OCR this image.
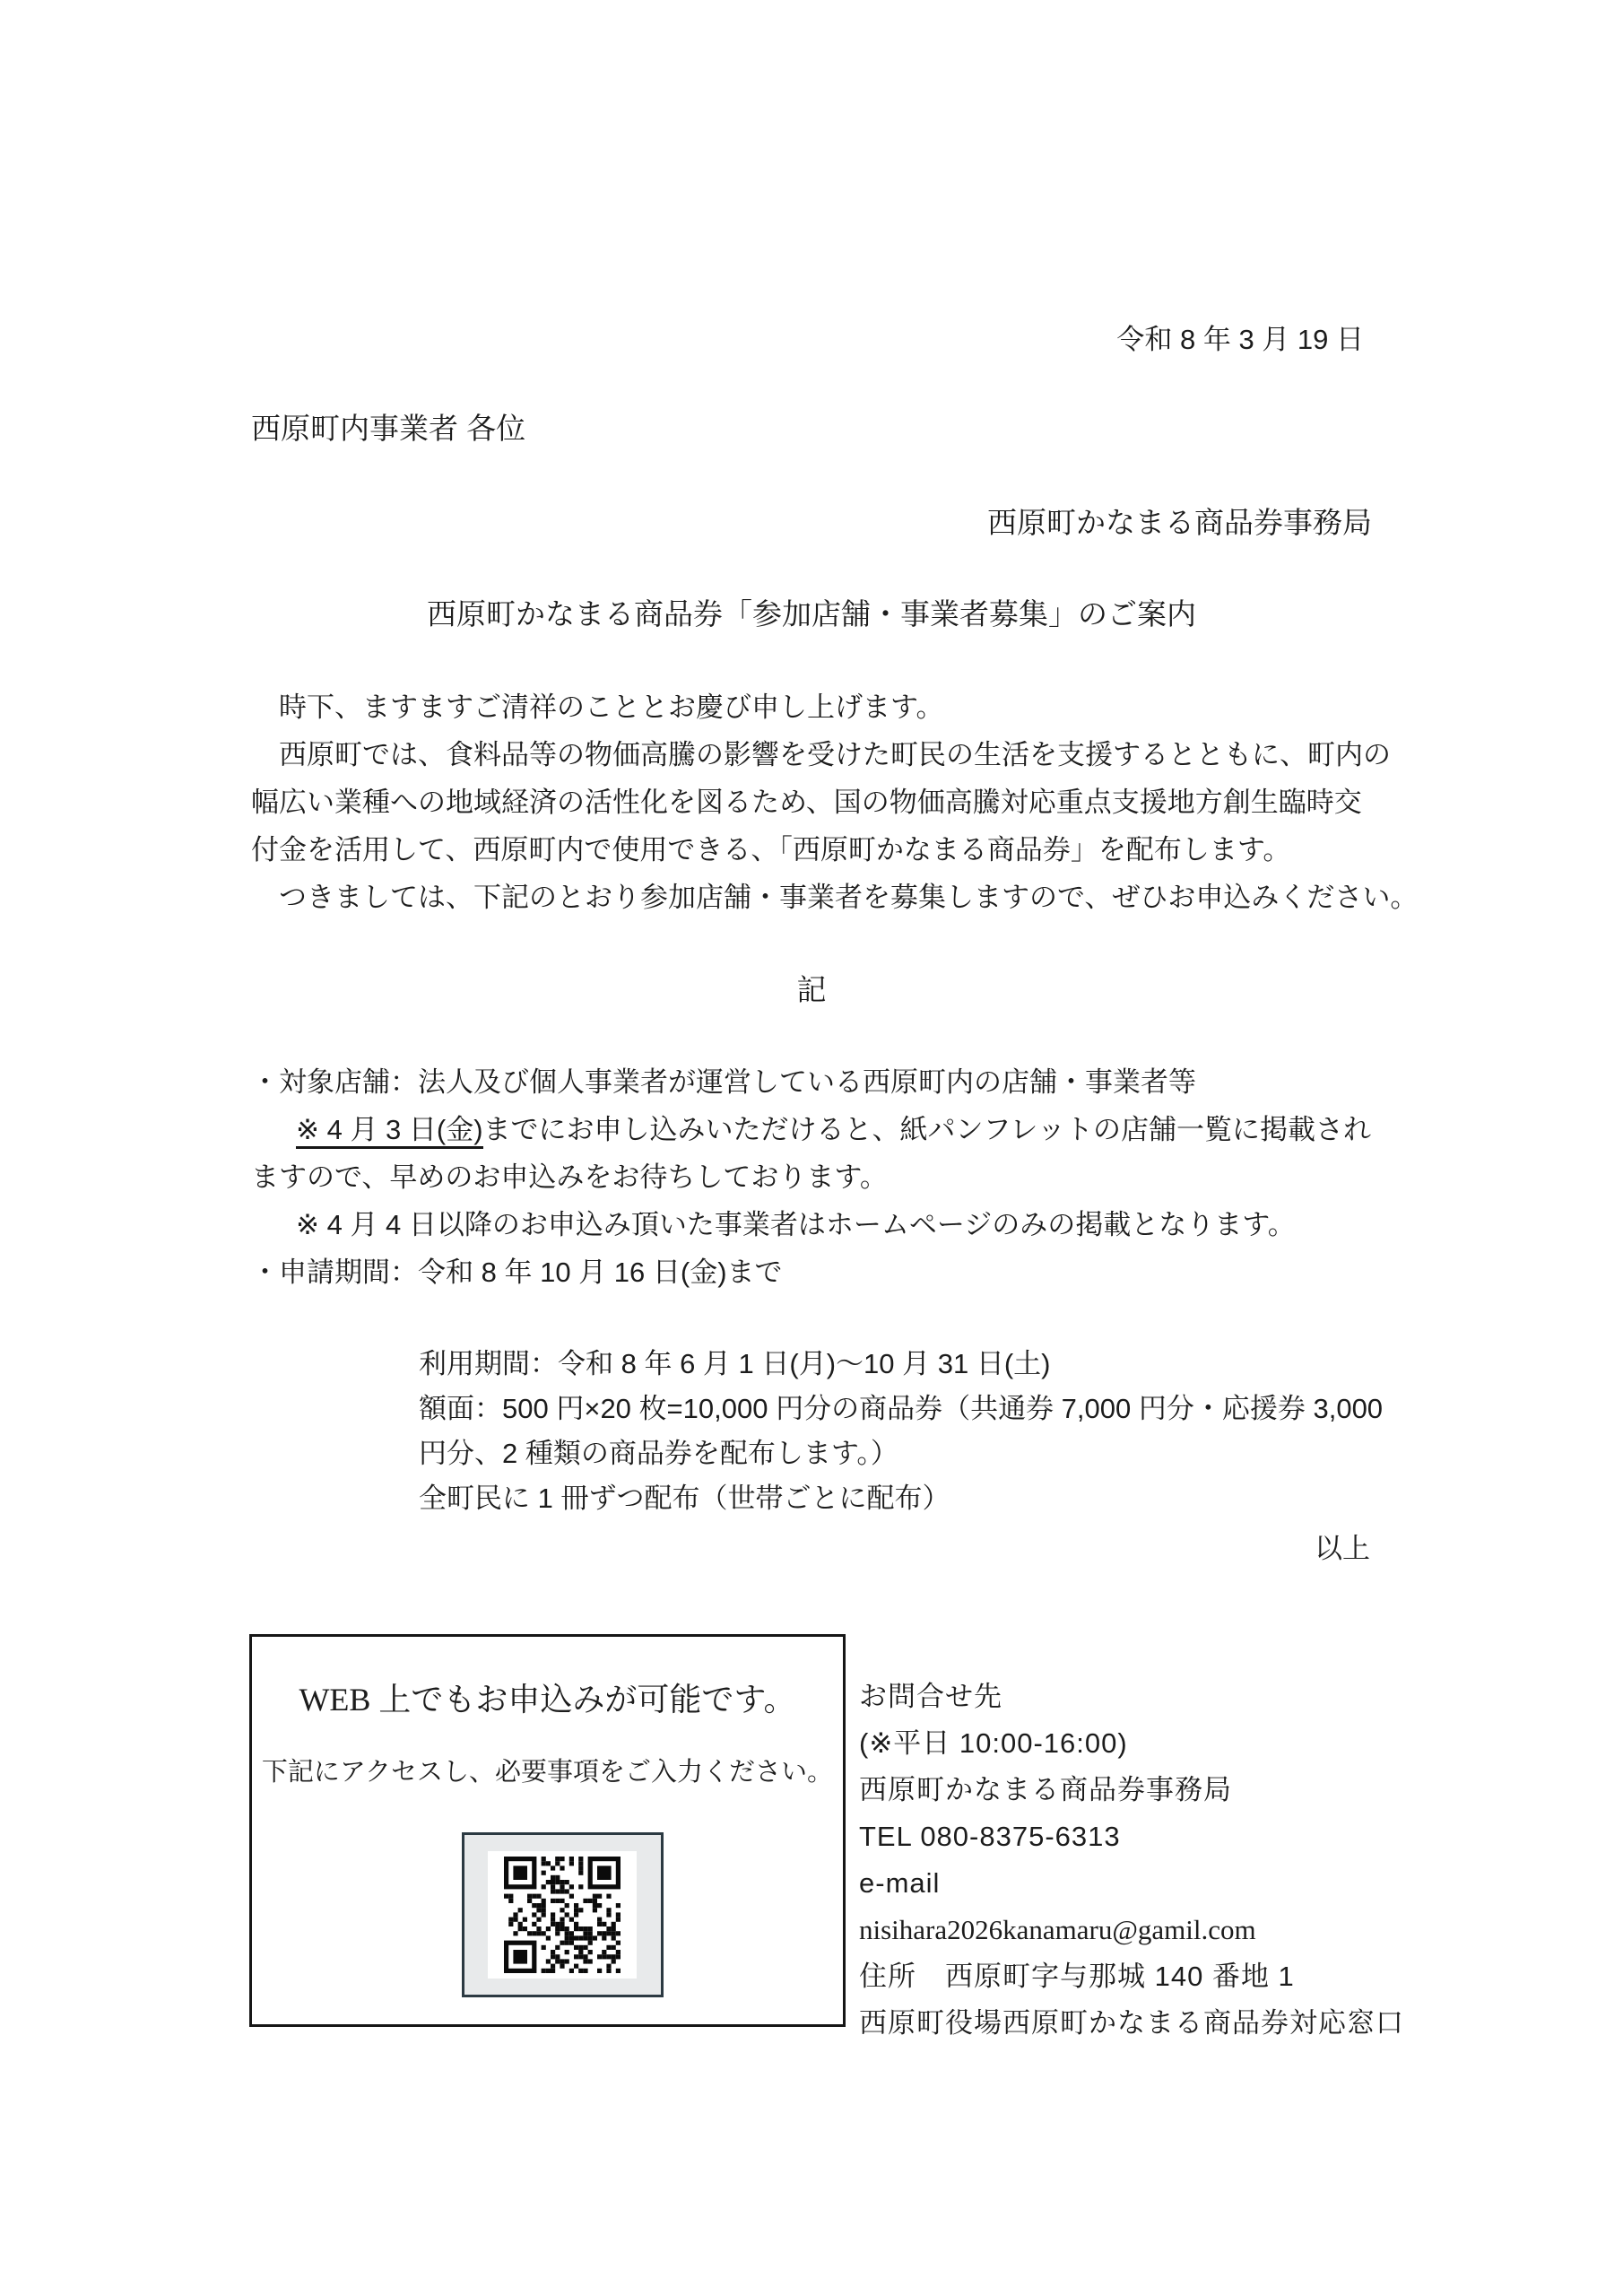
令和 8 年 3 月 19 日
西原町内事業者 各位
西原町かなまる商品券事務局
西原町かなまる商品券「参加店舗・事業者募集」のご案内
時下、ますますご清祥のこととお慶び申し上げます。
西原町では、食料品等の物価高騰の影響を受けた町民の生活を支援するとともに、町内の
幅広い業種への地域経済の活性化を図るため、国の物価高騰対応重点支援地方創生臨時交
付金を活用して、西原町内で使用できる、「西原町かなまる商品券」を配布します。
つきましては、下記のとおり参加店舗・事業者を募集しますので、ぜひお申込みください。
記
・対象店舗：法人及び個人事業者が運営している西原町内の店舗・事業者等
※ 4 月 3 日(金)までにお申し込みいただけると、紙パンフレットの店舗一覧に掲載され
ますので、早めのお申込みをお待ちしております。
※ 4 月 4 日以降のお申込み頂いた事業者はホームページのみの掲載となります。
・申請期間：令和 8 年 10 月 16 日(金)まで
利用期間：令和 8 年 6 月 1 日(月)～10 月 31 日(土)
額面：500 円×20 枚=10,000 円分の商品券（共通券 7,000 円分・応援券 3,000
円分、2 種類の商品券を配布します。）
全町民に 1 冊ずつ配布（世帯ごとに配布）
以上
WEB 上でもお申込みが可能です。
下記にアクセスし、必要事項をご入力ください。
お問合せ先
(※平日 10:00-16:00)
西原町かなまる商品券事務局
TEL 080-8375-6313
e-mail
nisihara2026kanamaru@gamil.com
住所　西原町字与那城 140 番地 1
西原町役場西原町かなまる商品券対応窓口
